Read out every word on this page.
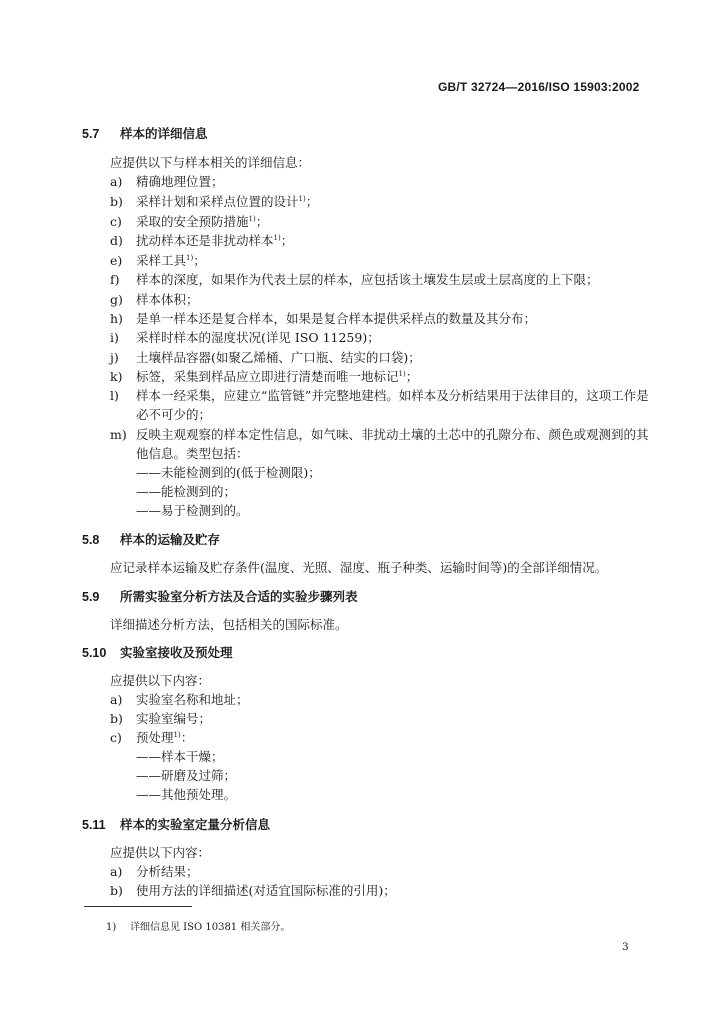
GB/T 32724—2016/ISO 15903:2002
5.7 样本的详细信息
应提供以下与样本相关的详细信息：
a) 精确地理位置；
b) 采样计划和采样点位置的设计$^{1)}$；
c) 采取的安全预防措施$^{1)}$；
d) 扰动样本还是非扰动样本$^{1)}$；
e) 采样工具$^{1)}$；
f) 样本的深度，如果作为代表土层的样本，应包括该土壤发生层或土层高度的上下限；
g) 样本体积；
h) 是单一样本还是复合样本，如果是复合样本提供采样点的数量及其分布；
i) 采样时样本的湿度状况(详见 ISO 11259)；
j) 土壤样品容器(如聚乙烯桶、广口瓶、结实的口袋)；
k) 标签，采集到样品应立即进行清楚而唯一地标记$^{1)}$；
l) 样本一经采集，应建立“监管链”并完整地建档。如样本及分析结果用于法律目的，这项工作是
必不可少的；
m) 反映主观观察的样本定性信息，如气味、非扰动土壤的土芯中的孔隙分布、颜色或观测到的其
他信息。类型包括：
——未能检测到的(低于检测限)；
——能检测到的；
——易于检测到的。
5.8 样本的运输及贮存
应记录样本运输及贮存条件(温度、光照、湿度、瓶子种类、运输时间等)的全部详细情况。
5.9 所需实验室分析方法及合适的实验步骤列表
详细描述分析方法，包括相关的国际标准。
5.10 实验室接收及预处理
应提供以下内容：
a) 实验室名称和地址；
b) 实验室编号；
c) 预处理$^{1)}$：
——样本干燥；
——研磨及过筛；
——其他预处理。
5.11 样本的实验室定量分析信息
应提供以下内容：
a) 分析结果；
b) 使用方法的详细描述(对适宜国际标准的引用)；
1) 详细信息见 ISO 10381 相关部分。
3
